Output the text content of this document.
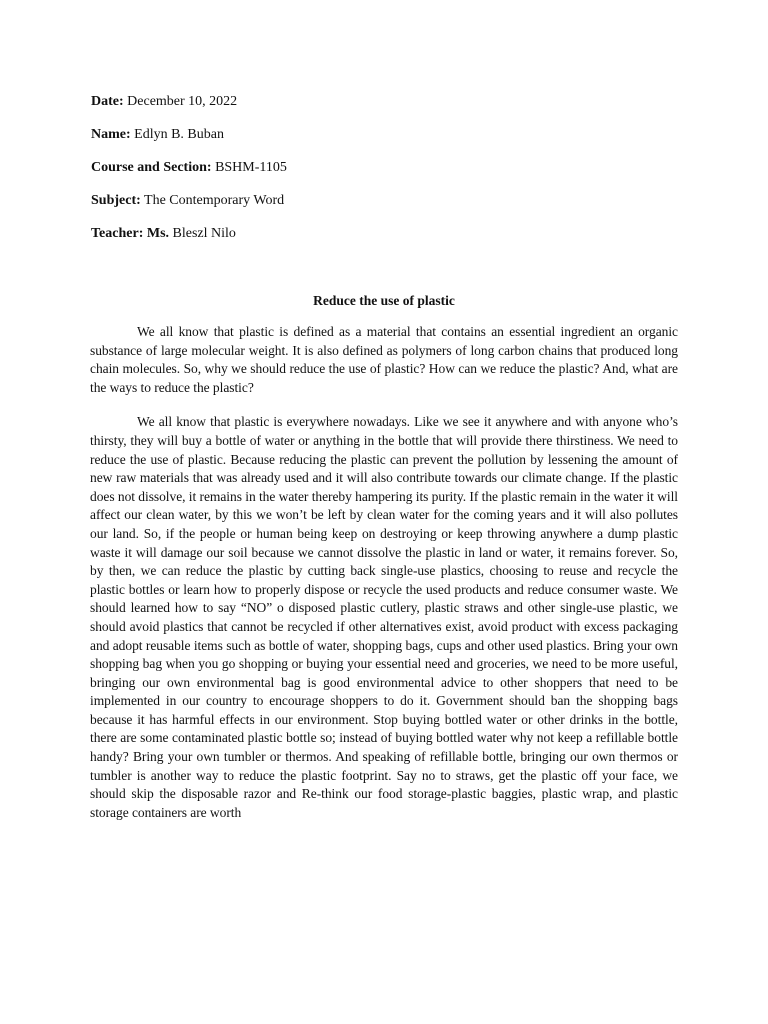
Date: December 10, 2022
Name: Edlyn B. Buban
Course and Section: BSHM-1105
Subject: The Contemporary Word
Teacher: Ms. Bleszl Nilo
Reduce the use of plastic

We all know that plastic is defined as a material that contains an essential ingredient an organic substance of large molecular weight. It is also defined as polymers of long carbon chains that produced long chain molecules. So, why we should reduce the use of plastic? How can we reduce the plastic? And, what are the ways to reduce the plastic?

We all know that plastic is everywhere nowadays. Like we see it anywhere and with anyone who’s thirsty, they will buy a bottle of water or anything in the bottle that will provide there thirstiness. We need to reduce the use of plastic. Because reducing the plastic can prevent the pollution by lessening the amount of new raw materials that was already used and it will also contribute towards our climate change. If the plastic does not dissolve, it remains in the water thereby hampering its purity. If the plastic remain in the water it will affect our clean water, by this we won’t be left by clean water for the coming years and it will also pollutes our land. So, if the people or human being keep on destroying or keep throwing anywhere a dump plastic waste it will damage our soil because we cannot dissolve the plastic in land or water, it remains forever. So, by then, we can reduce the plastic by cutting back single-use plastics, choosing to reuse and recycle the plastic bottles or learn how to properly dispose or recycle the used products and reduce consumer waste. We should learned how to say “NO” o disposed plastic cutlery, plastic straws and other single-use plastic, we should avoid plastics that cannot be recycled if other alternatives exist, avoid product with excess packaging and adopt reusable items such as bottle of water, shopping bags, cups and other used plastics. Bring your own shopping bag when you go shopping or buying your essential need and groceries, we need to be more useful, bringing our own environmental bag is good environmental advice to other shoppers that need to be implemented in our country to encourage shoppers to do it. Government should ban the shopping bags because it has harmful effects in our environment. Stop buying bottled water or other drinks in the bottle, there are some contaminated plastic bottle so; instead of buying bottled water why not keep a refillable bottle handy? Bring your own tumbler or thermos. And speaking of refillable bottle, bringing our own thermos or tumbler is another way to reduce the plastic footprint. Say no to straws, get the plastic off your face, we should skip the disposable razor and Re-think our food storage-plastic baggies, plastic wrap, and plastic storage containers are worth
